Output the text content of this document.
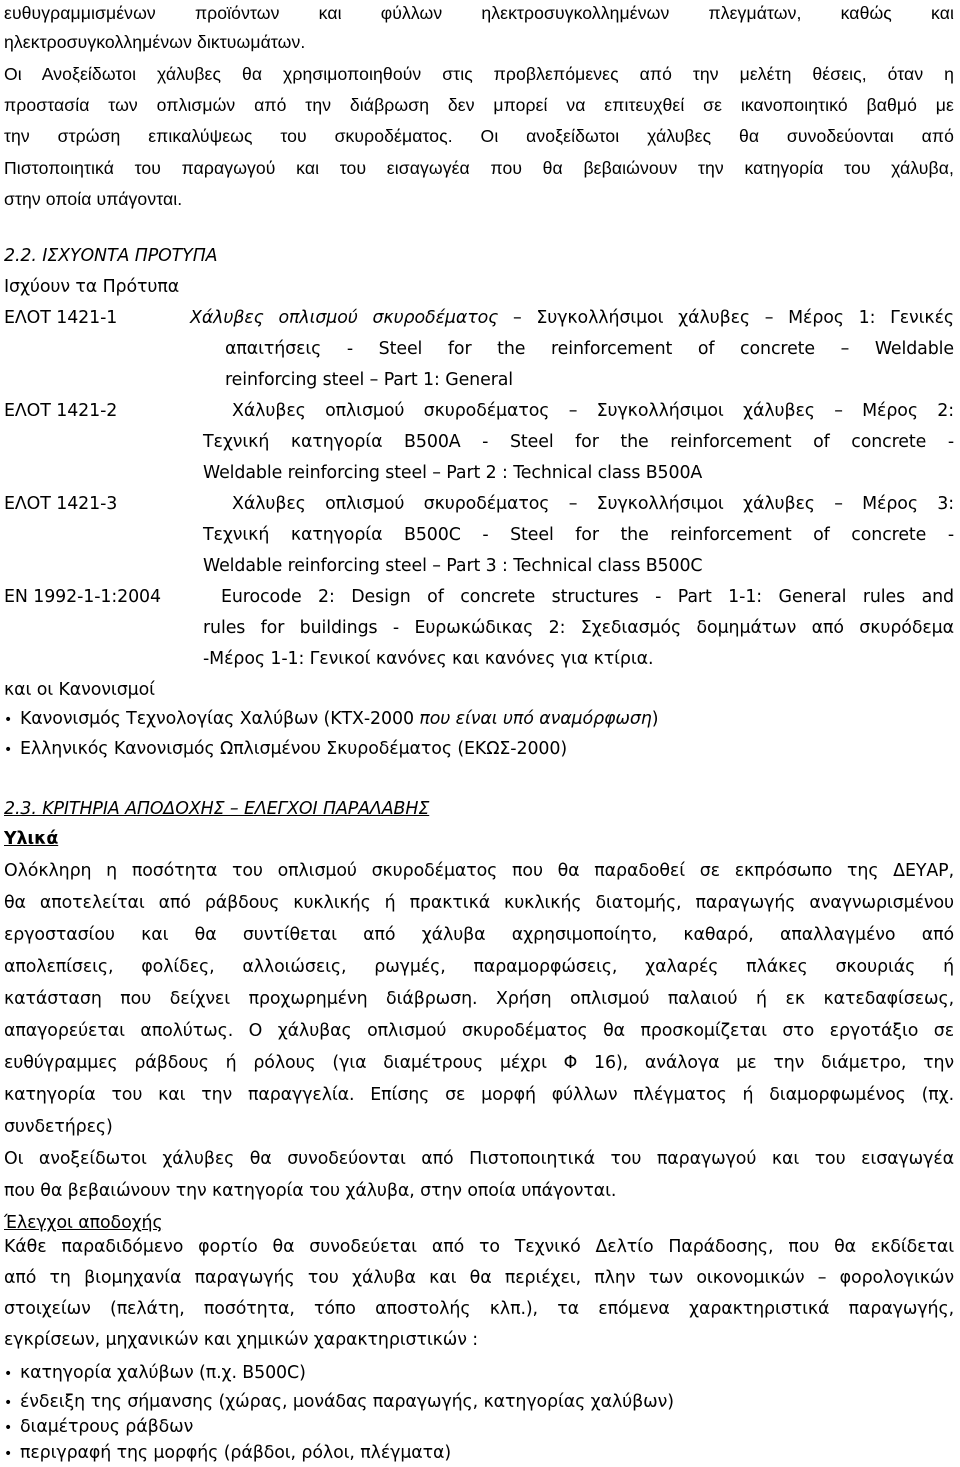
ευθυγραμμισμένων προϊόντων και φύλλων ηλεκτροσυγκολλημένων πλεγμάτων, καθώς και
ηλεκτροσυγκολλημένων δικτυωμάτων.
Οι Ανοξείδωτοι χάλυβες θα χρησιμοποιηθούν στις προβλεπόμενες από την μελέτη θέσεις, όταν η
προστασία των οπλισμών από την διάβρωση δεν μπορεί να επιτευχθεί σε ικανοποιητικό βαθμό με
την στρώση επικαλύψεως του σκυροδέματος. Οι ανοξείδωτοι χάλυβες θα συνοδεύονται από
Πιστοποιητικά του παραγωγού και του εισαγωγέα που θα βεβαιώνουν την κατηγορία του χάλυβα,
στην οποία υπάγονται.
2.2. ΙΣΧΥΟΝΤΑ ΠΡΟΤΥΠΑ
Ισχύουν τα Πρότυπα
ΕΛΟΤ 1421-1	Χάλυβες οπλισμού σκυροδέματος – Συγκολλήσιμοι χάλυβες – Μέρος 1: Γενικές
απαιτήσεις - Steel for the reinforcement of concrete – Weldable
reinforcing steel – Part 1: General
ΕΛΟΤ 1421-2	Χάλυβες οπλισμού σκυροδέματος – Συγκολλήσιμοι χάλυβες – Μέρος 2:
Τεχνική κατηγορία B500A - Steel for the reinforcement of concrete -
Weldable reinforcing steel – Part 2 : Technical class B500A
ΕΛΟΤ 1421-3	Χάλυβες οπλισμού σκυροδέματος – Συγκολλήσιμοι χάλυβες – Μέρος 3:
Τεχνική κατηγορία B500C - Steel for the reinforcement of concrete -
Weldable reinforcing steel – Part 3 : Technical class B500C
EN 1992-1-1:2004	Eurocode 2: Design of concrete structures - Part 1-1: General rules and
rules for buildings - Ευρωκώδικας 2: Σχεδιασμός δομημάτων από σκυρόδεμα
-Μέρος 1-1: Γενικοί κανόνες και κανόνες για κτίρια.
και οι Κανονισμοί
•Κανονισμός Τεχνολογίας Χαλύβων (ΚΤΧ-2000 που είναι υπό αναμόρφωση)
•Ελληνικός Κανονισμός Ωπλισμένου Σκυροδέματος (ΕΚΩΣ-2000)
2.3. ΚΡΙΤΗΡΙΑ ΑΠΟΔΟΧΗΣ – ΕΛΕΓΧΟΙ ΠΑΡΑΛΑΒΗΣ
Υλικά
Ολόκληρη η ποσότητα του οπλισμού σκυροδέματος που θα παραδοθεί σε εκπρόσωπο της ΔΕΥΑΡ,
θα αποτελείται από ράβδους κυκλικής ή πρακτικά κυκλικής διατομής, παραγωγής αναγνωρισμένου
εργοστασίου και θα συντίθεται από χάλυβα αχρησιμοποίητο, καθαρό, απαλλαγμένο από
απολεπίσεις, φολίδες, αλλοιώσεις, ρωγμές, παραμορφώσεις, χαλαρές πλάκες σκουριάς ή
κατάσταση που δείχνει προχωρημένη διάβρωση. Χρήση οπλισμού παλαιού ή εκ κατεδαφίσεως,
απαγορεύεται απολύτως. Ο χάλυβας οπλισμού σκυροδέματος θα προσκομίζεται στο εργοτάξιο σε
ευθύγραμμες ράβδους ή ρόλους (για διαμέτρους μέχρι Φ 16), ανάλογα με την διάμετρο, την
κατηγορία του και την παραγγελία. Επίσης σε μορφή φύλλων πλέγματος ή διαμορφωμένος (πχ.
συνδετήρες)
Οι ανοξείδωτοι χάλυβες θα συνοδεύονται από Πιστοποιητικά του παραγωγού και του εισαγωγέα
που θα βεβαιώνουν την κατηγορία του χάλυβα, στην οποία υπάγονται.
Έλεγχοι αποδοχής
Κάθε παραδιδόμενο φορτίο θα συνοδεύεται από το Τεχνικό Δελτίο Παράδοσης, που θα εκδίδεται
από τη βιομηχανία παραγωγής του χάλυβα και θα περιέχει, πλην των οικονομικών – φορολογικών
στοιχείων (πελάτη, ποσότητα, τόπο αποστολής κλπ.), τα επόμενα χαρακτηριστικά παραγωγής,
εγκρίσεων, μηχανικών και χημικών χαρακτηριστικών :
•κατηγορία χαλύβων (π.χ. B500C)
•ένδειξη της σήμανσης (χώρας, μονάδας παραγωγής, κατηγορίας χαλύβων)
•διαμέτρους ράβδων
•περιγραφή της μορφής (ράβδοι, ρόλοι, πλέγματα)
